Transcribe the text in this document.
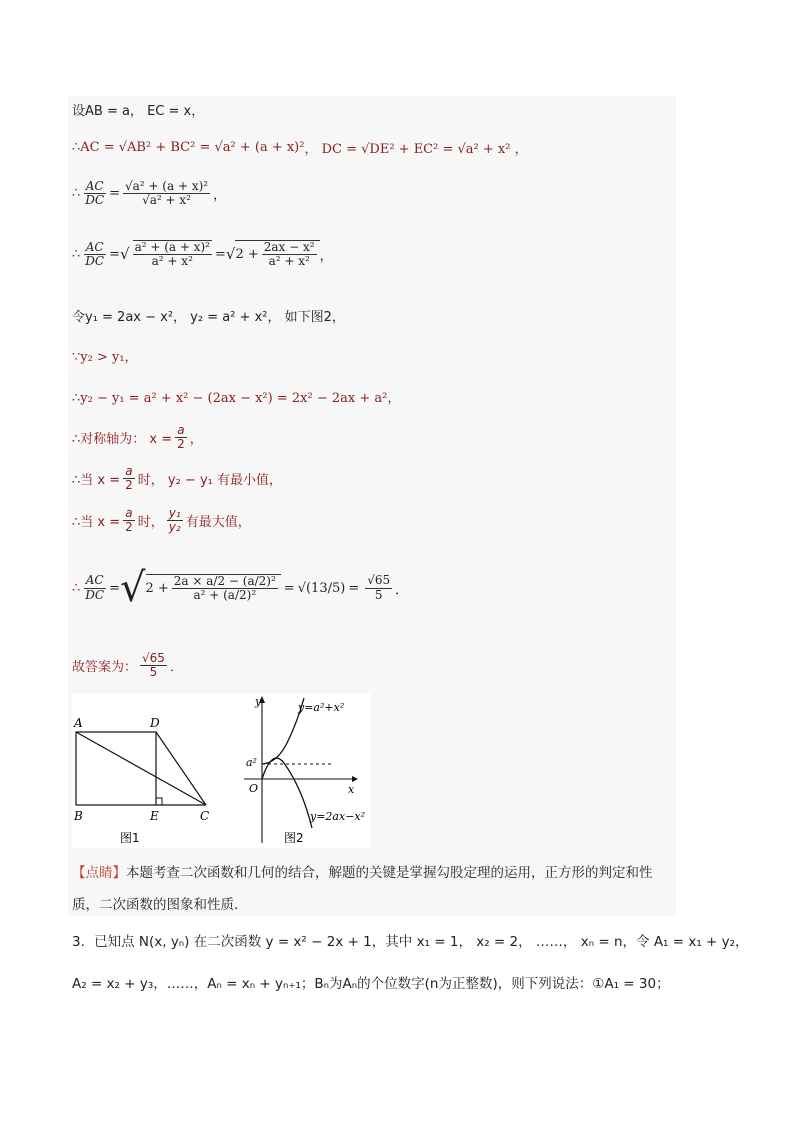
设AB = a， EC = x，
∴AC = √AB² + BC² = √a² + (a + x)² ， DC = √DE² + EC² = √a² + x² ，
∴ $\frac{AC}{DC} = \frac{\text{√a² + (a + x)²}}{\text{√a² + x²}}$ ，
∴ $\frac{AC}{DC}$ = √ $\frac{\text{a² + (a + x)²}}{\text{a² + x²}}$ = √ $2 + \frac{\text{2ax − x²}}{\text{a² + x²}}$ ，
令y₁ = 2ax − x²， y₂ = a² + x²， 如下图2，
∵y₂ > y₁，
∴y₂ − y₁ = a² + x² − (2ax − x²) = 2x² − 2ax + a²，
∴对称轴为： $x = \frac{a}{2}$ ，
∴当 $x = \frac{a}{2}$ 时， y₂ − y₁ 有最小值，
∴当 $x = \frac{a}{2}$ 时， $\frac{\text{y₁}}{\text{y₂}}$ 有最大值，
∴ $\frac{AC}{DC}$ = √ $2 + \frac{\text{2a × a/2 − (a/2)²}}{\text{a² + (a/2)²}} = √(13/5) = \frac{√65}{5}$ ．
故答案为： $\frac{√65}{5}$ ．
A	D
B	E	C
图1
y
x
O
a²
y=a²+x²
y=2ax−x²
图2
【点睛】本题考查二次函数和几何的结合，解题的关键是掌握勾股定理的运用，正方形的判定和性
质，二次函数的图象和性质．
3．已知点 N(x, yₙ) 在二次函数 y = x² − 2x + 1，其中 x₁ = 1， x₂ = 2， ……， xₙ = n，令 A₁ = x₁ + y₂，
A₂ = x₂ + y₃，……，Aₙ = xₙ + yₙ₊₁；Bₙ为Aₙ的个位数字(n为正整数)，则下列说法：①A₁ = 30；
